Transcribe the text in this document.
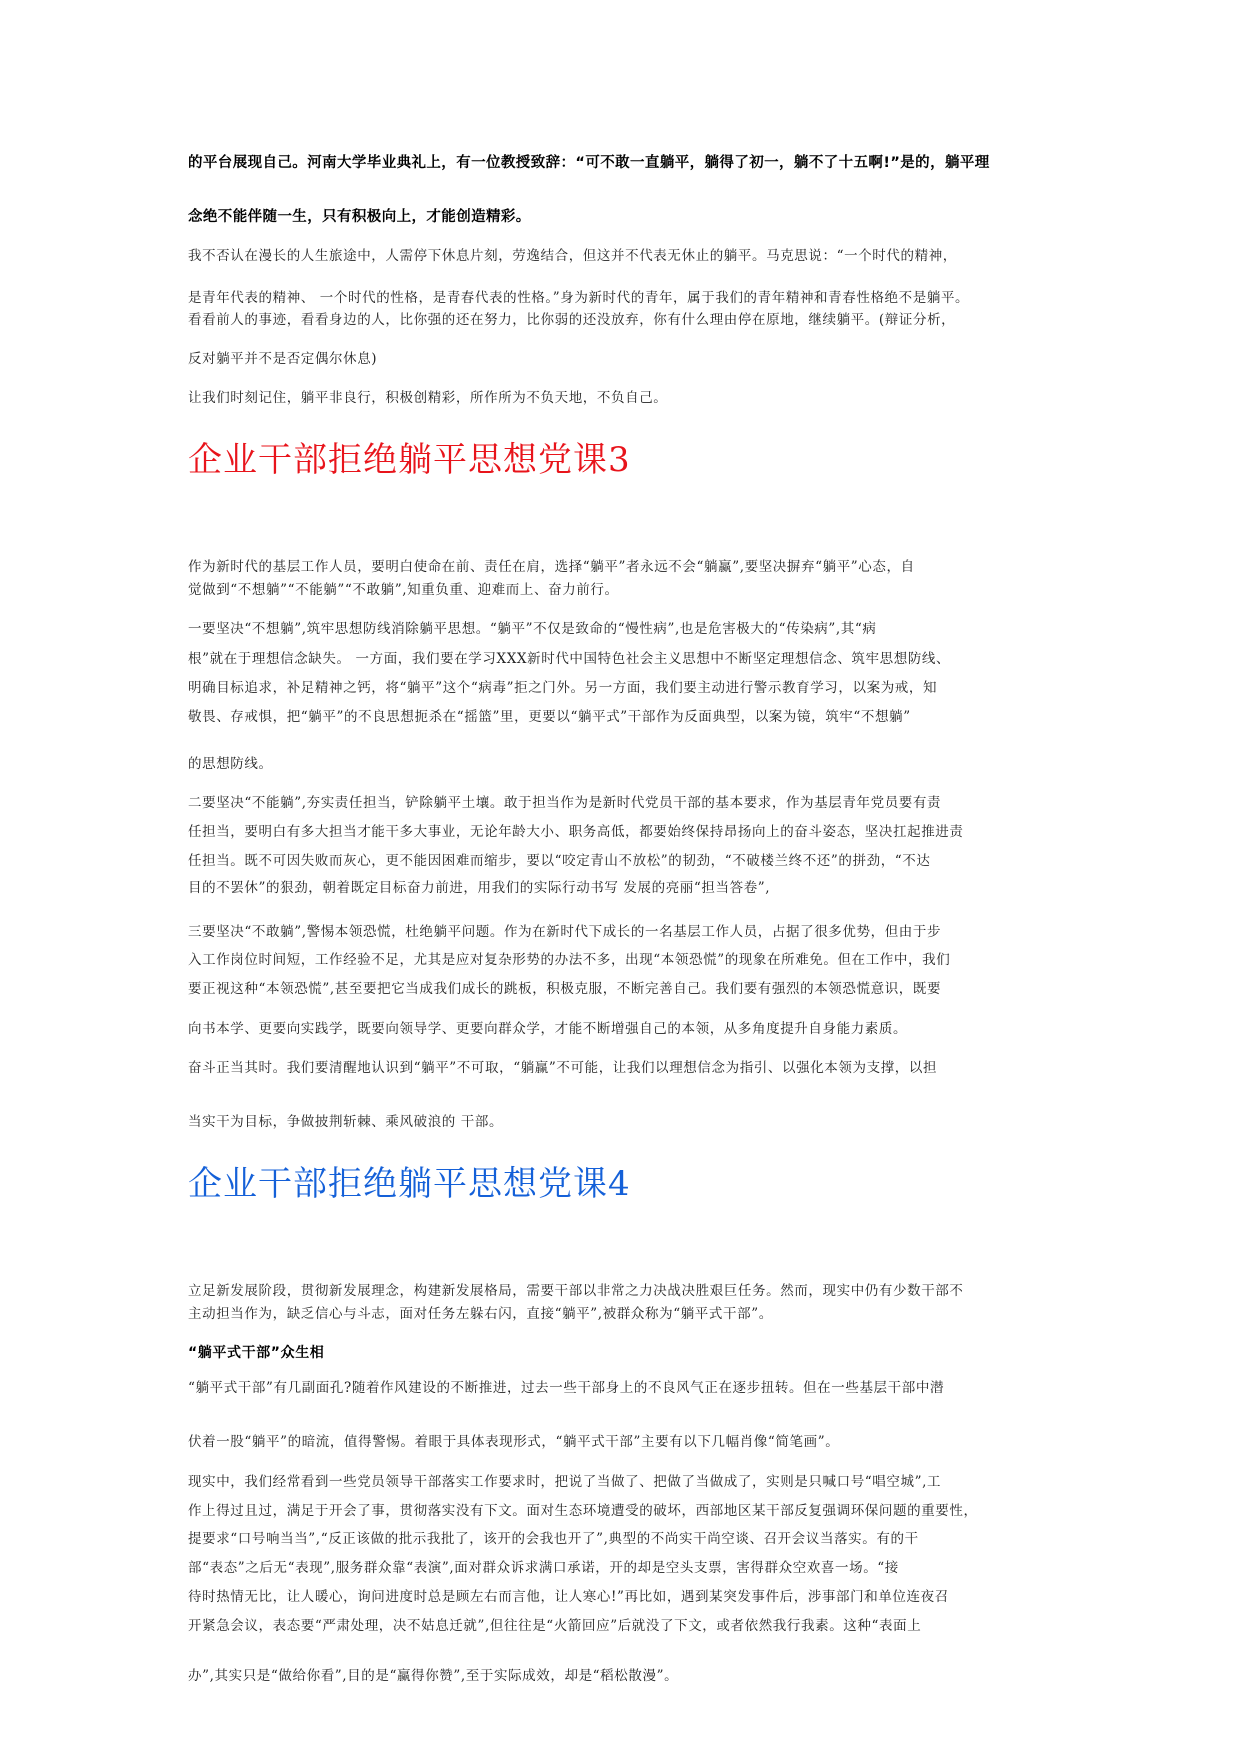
的平台展现自己。河南大学毕业典礼上，有一位教授致辞：“可不敢一直躺平，躺得了初一，躺不了十五啊!”是的，躺平理
念绝不能伴随一生，只有积极向上，才能创造精彩。
我不否认在漫长的人生旅途中，人需停下休息片刻，劳逸结合，但这并不代表无休止的躺平。马克思说：“一个时代的精神，
是青年代表的精神、 一个时代的性格，是青春代表的性格。”身为新时代的青年，属于我们的青年精神和青春性格绝不是躺平。
看看前人的事迹，看看身边的人，比你强的还在努力，比你弱的还没放弃，你有什么理由停在原地，继续躺平。(辩证分析，
反对躺平并不是否定偶尔休息)
让我们时刻记住，躺平非良行，积极创精彩，所作所为不负天地，不负自己。
企业干部拒绝躺平思想党课3
作为新时代的基层工作人员，要明白使命在前、责任在肩，选择“躺平”者永远不会“躺赢”,要坚决摒弃“躺平”心态，自
觉做到“不想躺”“不能躺”“不敢躺”,知重负重、迎难而上、奋力前行。
一要坚决“不想躺”,筑牢思想防线消除躺平思想。“躺平”不仅是致命的“慢性病”,也是危害极大的“传染病”,其“病
根”就在于理想信念缺失。 一方面，我们要在学习XXX新时代中国特色社会主义思想中不断坚定理想信念、筑牢思想防线、
明确目标追求，补足精神之钙，将“躺平”这个“病毒”拒之门外。另一方面，我们要主动进行警示教育学习，以案为戒，知
敬畏、存戒惧，把“躺平”的不良思想扼杀在“摇篮”里，更要以“躺平式”干部作为反面典型，以案为镜，筑牢“不想躺”
的思想防线。
二要坚决“不能躺”,夯实责任担当，铲除躺平土壤。敢于担当作为是新时代党员干部的基本要求，作为基层青年党员要有责
任担当，要明白有多大担当才能干多大事业，无论年龄大小、职务高低，都要始终保持昂扬向上的奋斗姿态，坚决扛起推进责
任担当。既不可因失败而灰心，更不能因困难而缩步，要以“咬定青山不放松”的韧劲，“不破楼兰终不还”的拼劲，“不达
目的不罢休”的狠劲，朝着既定目标奋力前进，用我们的实际行动书写 发展的亮丽“担当答卷”,
三要坚决“不敢躺”,警惕本领恐慌，杜绝躺平问题。作为在新时代下成长的一名基层工作人员，占据了很多优势，但由于步
入工作岗位时间短，工作经验不足，尤其是应对复杂形势的办法不多，出现“本领恐慌”的现象在所难免。但在工作中，我们
要正视这种“本领恐慌”,甚至要把它当成我们成长的跳板，积极克服，不断完善自己。我们要有强烈的本领恐慌意识，既要
向书本学、更要向实践学，既要向领导学、更要向群众学，才能不断增强自己的本领，从多角度提升自身能力素质。
奋斗正当其时。我们要清醒地认识到“躺平”不可取，“躺赢”不可能，让我们以理想信念为指引、以强化本领为支撑，以担
当实干为目标，争做披荆斩棘、乘风破浪的 干部。
企业干部拒绝躺平思想党课4
立足新发展阶段，贯彻新发展理念，构建新发展格局，需要干部以非常之力决战决胜艰巨任务。然而，现实中仍有少数干部不
主动担当作为，缺乏信心与斗志，面对任务左躲右闪，直接“躺平”,被群众称为“躺平式干部”。
“躺平式干部”众生相
“躺平式干部”有几副面孔?随着作风建设的不断推进，过去一些干部身上的不良风气正在逐步扭转。但在一些基层干部中潜
伏着一股“躺平”的暗流，值得警惕。着眼于具体表现形式，“躺平式干部”主要有以下几幅肖像“简笔画”。
现实中，我们经常看到一些党员领导干部落实工作要求时，把说了当做了、把做了当做成了，实则是只喊口号“唱空城”,工
作上得过且过，满足于开会了事，贯彻落实没有下文。面对生态环境遭受的破坏，西部地区某干部反复强调环保问题的重要性，
提要求“口号响当当”,“反正该做的批示我批了，该开的会我也开了”,典型的不尚实干尚空谈、召开会议当落实。有的干
部“表态”之后无“表现”,服务群众靠“表演”,面对群众诉求满口承诺，开的却是空头支票，害得群众空欢喜一场。“接
待时热情无比，让人暖心，询问进度时总是顾左右而言他，让人寒心!”再比如，遇到某突发事件后，涉事部门和单位连夜召
开紧急会议，表态要“严肃处理，决不姑息迁就”,但往往是“火箭回应”后就没了下文，或者依然我行我素。这种“表面上
办”,其实只是“做给你看”,目的是“赢得你赞”,至于实际成效，却是“稻松散漫”。
